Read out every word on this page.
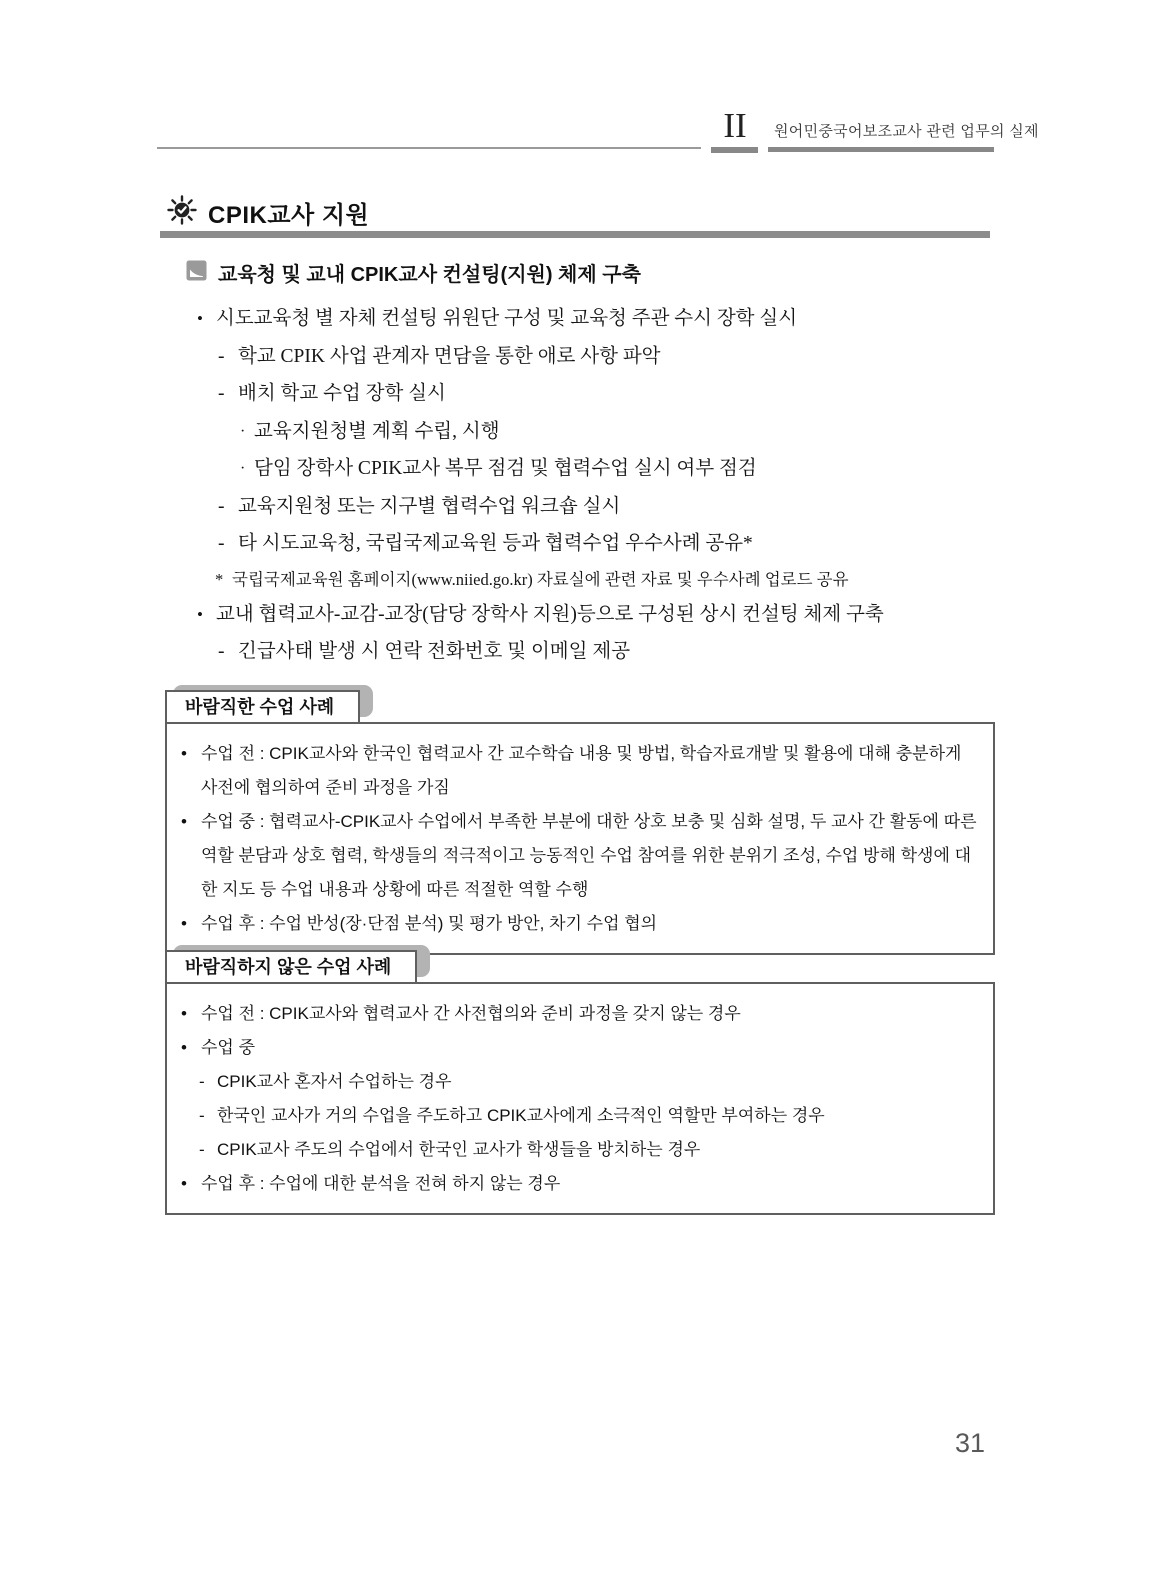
II	원어민중국어보조교사 관련 업무의 실제
CPIK교사 지원
교육청 및 교내 CPIK교사 컨설팅(지원) 체제 구축
• 시도교육청 별 자체 컨설팅 위원단 구성 및 교육청 주관 수시 장학 실시
- 학교 CPIK 사업 관계자 면담을 통한 애로 사항 파악
- 배치 학교 수업 장학 실시
· 교육지원청별 계획 수립, 시행
· 담임 장학사 CPIK교사 복무 점검 및 협력수업 실시 여부 점검
- 교육지원청 또는 지구별 협력수업 워크숍 실시
- 타 시도교육청, 국립국제교육원 등과 협력수업 우수사례 공유*
* 국립국제교육원 홈페이지(www.niied.go.kr) 자료실에 관련 자료 및 우수사례 업로드 공유
• 교내 협력교사-교감-교장(담당 장학사 지원)등으로 구성된 상시 컨설팅 체제 구축
- 긴급사태 발생 시 연락 전화번호 및 이메일 제공
바람직한 수업 사례
• 수업 전 : CPIK교사와 한국인 협력교사 간 교수학습 내용 및 방법, 학습자료개발 및 활용에 대해 충분하게 사전에 협의하여 준비 과정을 가짐
• 수업 중 : 협력교사-CPIK교사 수업에서 부족한 부분에 대한 상호 보충 및 심화 설명, 두 교사 간 활동에 따른 역할 분담과 상호 협력, 학생들의 적극적이고 능동적인 수업 참여를 위한 분위기 조성, 수업 방해 학생에 대한 지도 등 수업 내용과 상황에 따른 적절한 역할 수행
• 수업 후 : 수업 반성(장·단점 분석) 및 평가 방안, 차기 수업 협의
바람직하지 않은 수업 사례
• 수업 전 : CPIK교사와 협력교사 간 사전협의와 준비 과정을 갖지 않는 경우
• 수업 중
- CPIK교사 혼자서 수업하는 경우
- 한국인 교사가 거의 수업을 주도하고 CPIK교사에게 소극적인 역할만 부여하는 경우
- CPIK교사 주도의 수업에서 한국인 교사가 학생들을 방치하는 경우
• 수업 후 : 수업에 대한 분석을 전혀 하지 않는 경우
31
